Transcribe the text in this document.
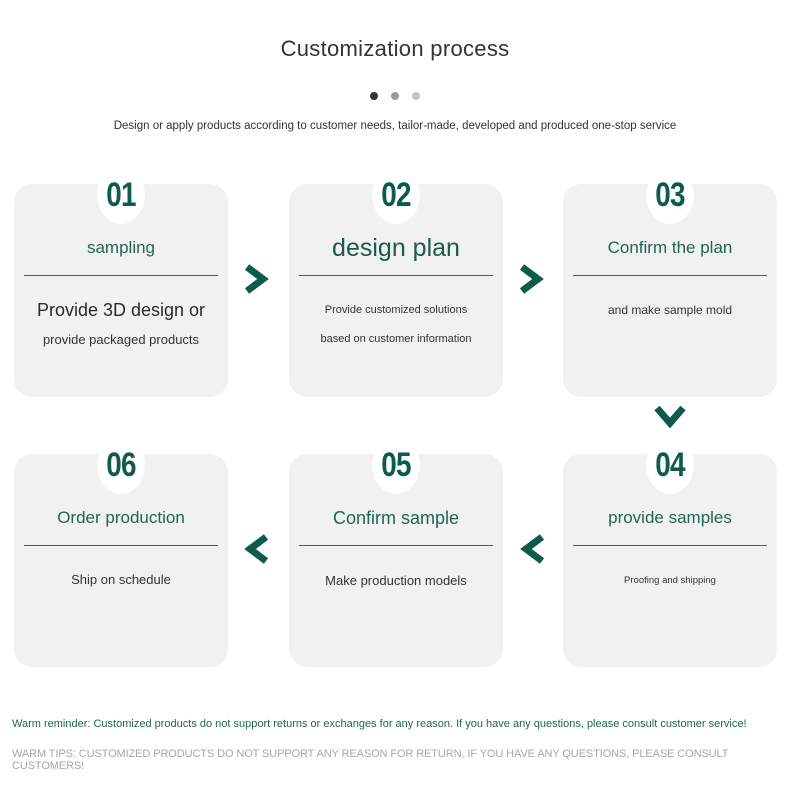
Customization process
Design or apply products according to customer needs, tailor-made, developed and produced one-stop service
01
sampling
Provide 3D design or
provide packaged products
02
design plan
Provide customized solutions
based on customer information
03
Confirm the plan
and make sample mold
06
Order production
Ship on schedule
05
Confirm sample
Make production models
04
provide samples
Proofing and shipping
Warm reminder: Customized products do not support returns or exchanges for any reason. If you have any questions, please consult customer service!
WARM TIPS: CUSTOMIZED PRODUCTS DO NOT SUPPORT ANY REASON FOR RETURN, IF YOU HAVE ANY QUESTIONS, PLEASE CONSULT CUSTOMERS!
